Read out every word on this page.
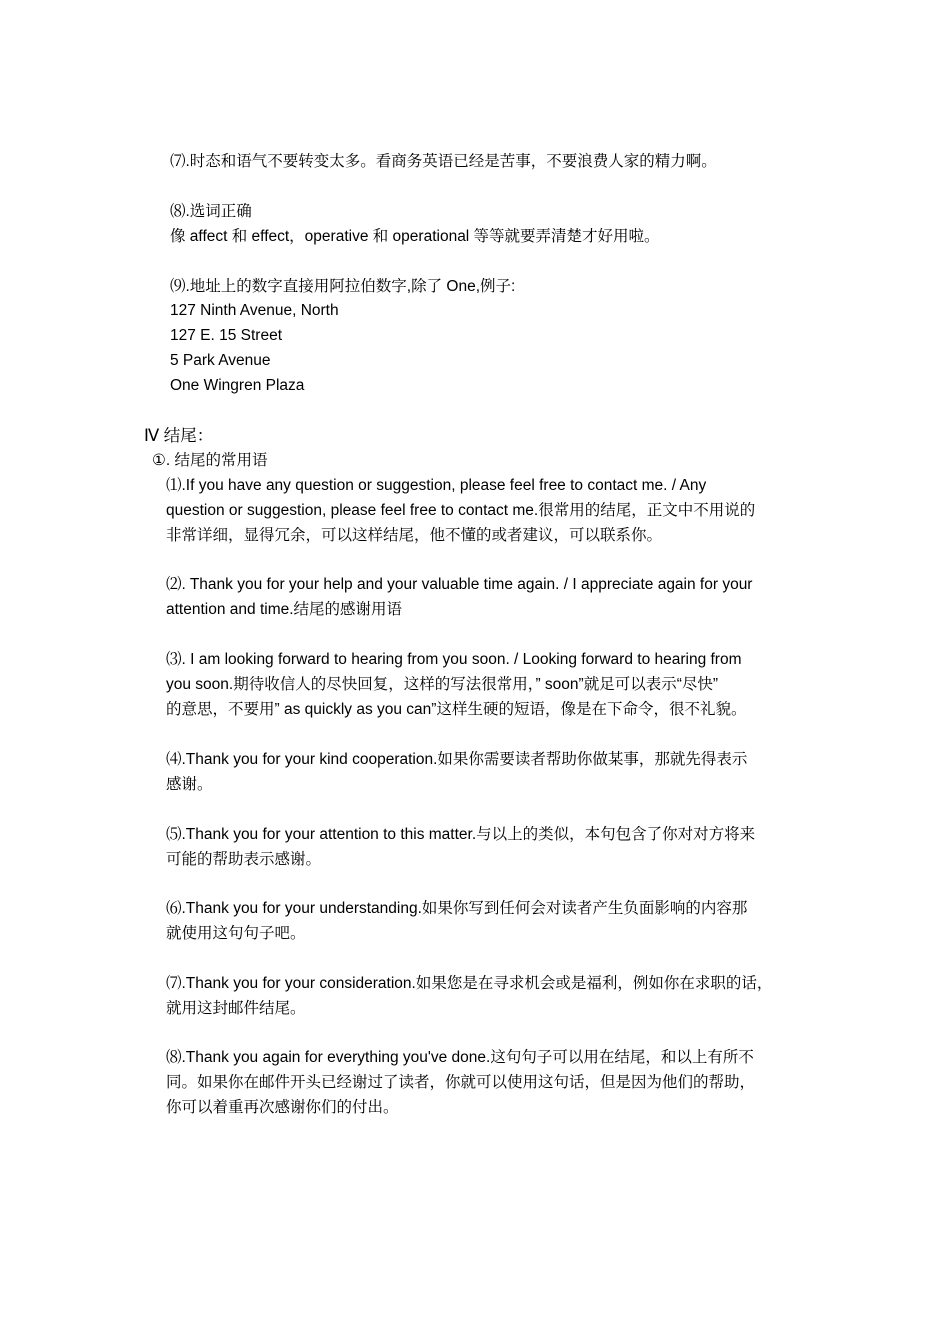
⑺.时态和语气不要转变太多。看商务英语已经是苦事，不要浪费人家的精力啊。
⑻.选词正确
像 affect 和 effect，operative 和 operational 等等就要弄清楚才好用啦。
⑼.地址上的数字直接用阿拉伯数字,除了 One,例子:
127 Ninth Avenue, North
127 E. 15 Street
5 Park Avenue
One Wingren Plaza
Ⅳ 结尾：
①. 结尾的常用语
⑴.If you have any question or suggestion, please feel free to contact me. / Any
question or suggestion, please feel free to contact me.很常用的结尾，正文中不用说的
非常详细，显得冗余，可以这样结尾，他不懂的或者建议，可以联系你。
⑵. Thank you for your help and your valuable time again. / I appreciate again for your
attention and time.结尾的感谢用语
⑶. I am looking forward to hearing from you soon. / Looking forward to hearing from
you soon.期待收信人的尽快回复，这样的写法很常用，” soon”就足可以表示“尽快”
的意思，不要用” as quickly as you can”这样生硬的短语，像是在下命令，很不礼貌。
⑷.Thank you for your kind cooperation.如果你需要读者帮助你做某事，那就先得表示
感谢。
⑸.Thank you for your attention to this matter.与以上的类似，本句包含了你对对方将来
可能的帮助表示感谢。
⑹.Thank you for your understanding.如果你写到任何会对读者产生负面影响的内容那
就使用这句句子吧。
⑺.Thank you for your consideration.如果您是在寻求机会或是福利，例如你在求职的话，
就用这封邮件结尾。
⑻.Thank you again for everything you've done.这句句子可以用在结尾，和以上有所不
同。如果你在邮件开头已经谢过了读者，你就可以使用这句话，但是因为他们的帮助，
你可以着重再次感谢你们的付出。
